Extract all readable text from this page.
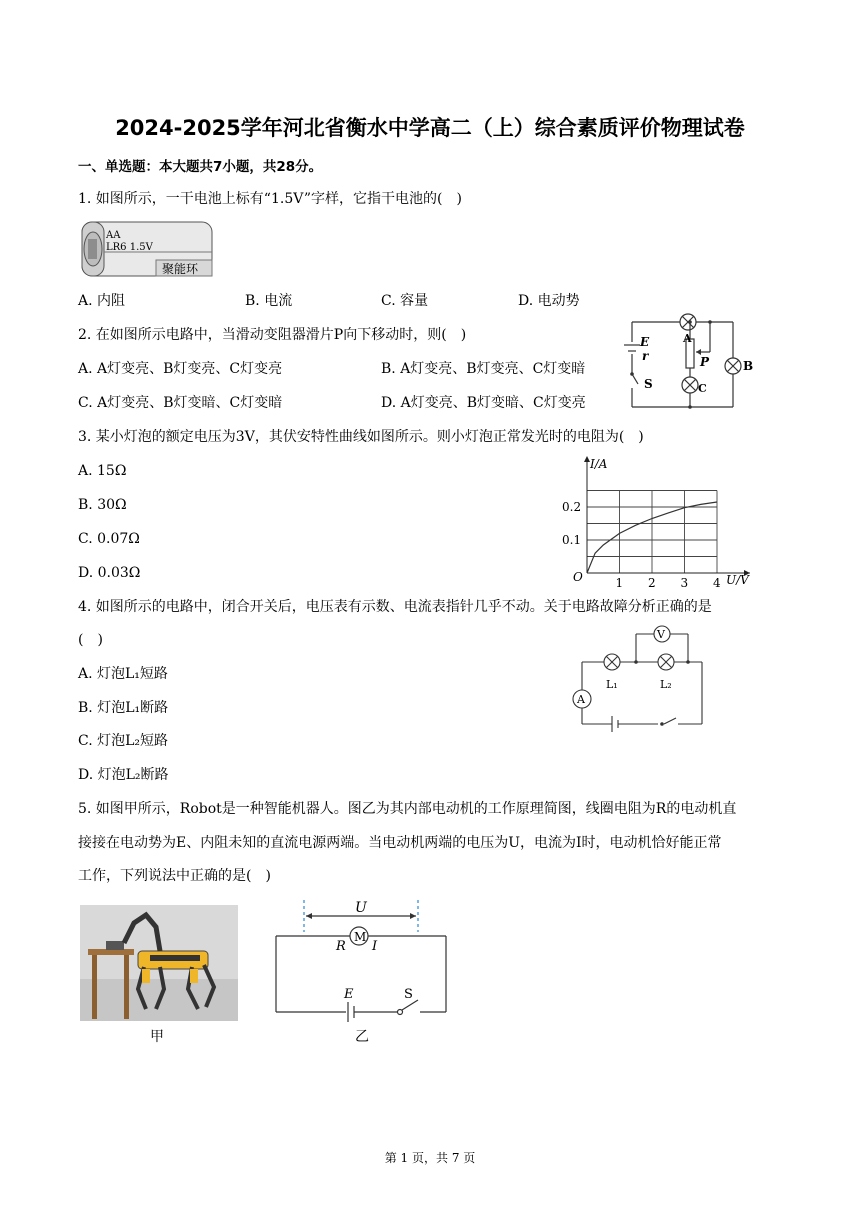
2024-2025学年河北省衡水中学高二（上）综合素质评价物理试卷
一、单选题：本大题共7小题，共28分。
1. 如图所示，一干电池上标有“1.5V”字样，它指干电池的(　)
AA
LR6 1.5V
聚能环
A. 内阻	B. 电流	C. 容量	D. 电动势
2. 在如图所示电路中，当滑动变阻器滑片P向下移动时，则(　)
A. A灯变亮、B灯变亮、C灯变亮	B. A灯变亮、B灯变亮、C灯变暗
C. A灯变亮、B灯变暗、C灯变暗	D. A灯变亮、B灯变暗、C灯变亮
E
r
S
A
B
C
P
3. 某小灯泡的额定电压为3V，其伏安特性曲线如图所示。则小灯泡正常发光时的电阻为(　)
A. 15Ω
B. 30Ω
C. 0.07Ω
D. 0.03Ω
1 2 3 4
0.1
0.2
I/A
U/V
O
4. 如图所示的电路中，闭合开关后，电压表有示数、电流表指针几乎不动。关于电路故障分析正确的是
(　)
A. 灯泡L₁短路
B. 灯泡L₁断路
C. 灯泡L₂短路
D. 灯泡L₂断路
V
A
L₁	L₂
5. 如图甲所示，Robot是一种智能机器人。图乙为其内部电动机的工作原理简图，线圈电阻为R的电动机直
接接在电动势为E、内阻未知的直流电源两端。当电动机两端的电压为U，电流为I时，电动机恰好能正常
工作，下列说法中正确的是(　)
甲
U
M
R I
E	S
乙
第 1 页，共 7 页
